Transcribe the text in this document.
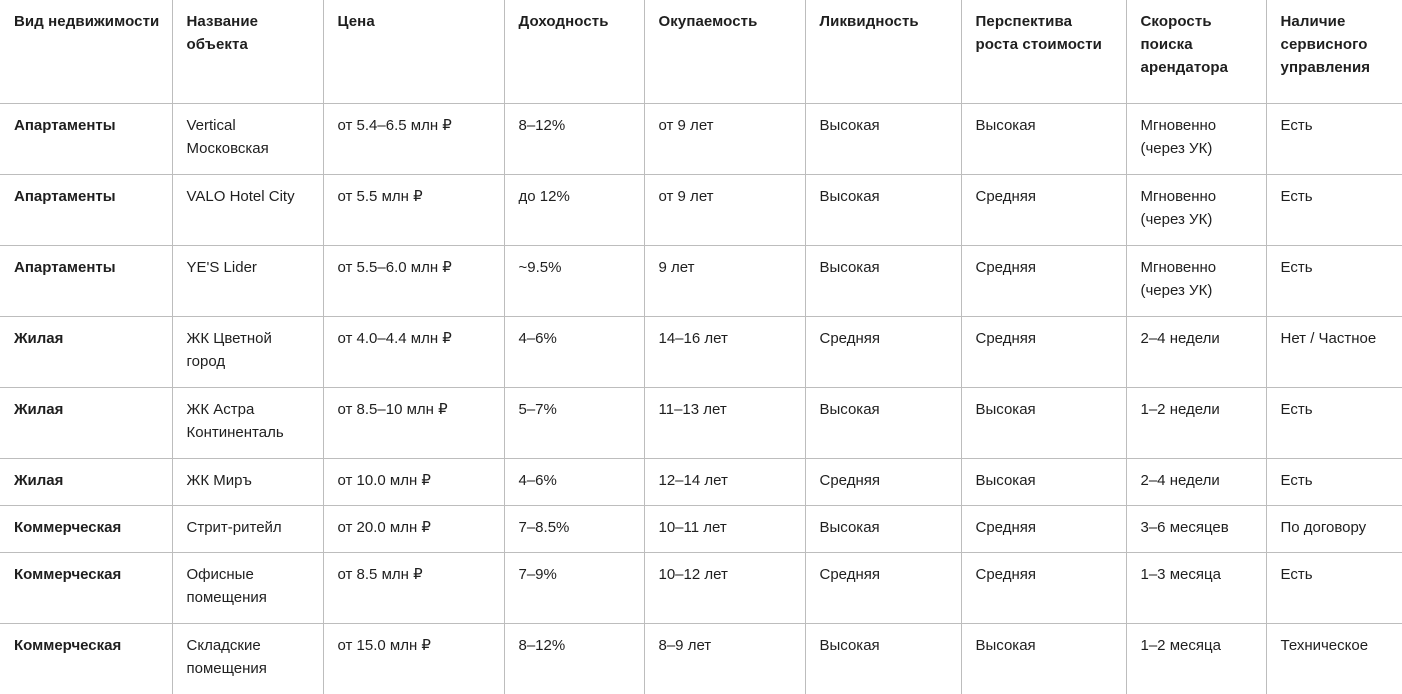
Вид недвижимости	Название объекта	Цена	Доходность	Окупаемость	Ликвидность	Перспектива роста стоимости	Скорость поиска арендатора	Наличие сервисного управления
Апартаменты	Vertical Московская	от 5.4–6.5 млн ₽	8–12%	от 9 лет	Высокая	Высокая	Мгновенно (через УК)	Есть
Апартаменты	VALO Hotel City	от 5.5 млн ₽	до 12%	от 9 лет	Высокая	Средняя	Мгновенно (через УК)	Есть
Апартаменты	YE'S Lider	от 5.5–6.0 млн ₽	~9.5%	9 лет	Высокая	Средняя	Мгновенно (через УК)	Есть
Жилая	ЖК Цветной город	от 4.0–4.4 млн ₽	4–6%	14–16 лет	Средняя	Средняя	2–4 недели	Нет / Частное
Жилая	ЖК Астра Континенталь	от 8.5–10 млн ₽	5–7%	11–13 лет	Высокая	Высокая	1–2 недели	Есть
Жилая	ЖК Миръ	от 10.0 млн ₽	4–6%	12–14 лет	Средняя	Высокая	2–4 недели	Есть
Коммерческая	Стрит-ритейл	от 20.0 млн ₽	7–8.5%	10–11 лет	Высокая	Средняя	3–6 месяцев	По договору
Коммерческая	Офисные помещения	от 8.5 млн ₽	7–9%	10–12 лет	Средняя	Средняя	1–3 месяца	Есть
Коммерческая	Складские помещения	от 15.0 млн ₽	8–12%	8–9 лет	Высокая	Высокая	1–2 месяца	Техническое
